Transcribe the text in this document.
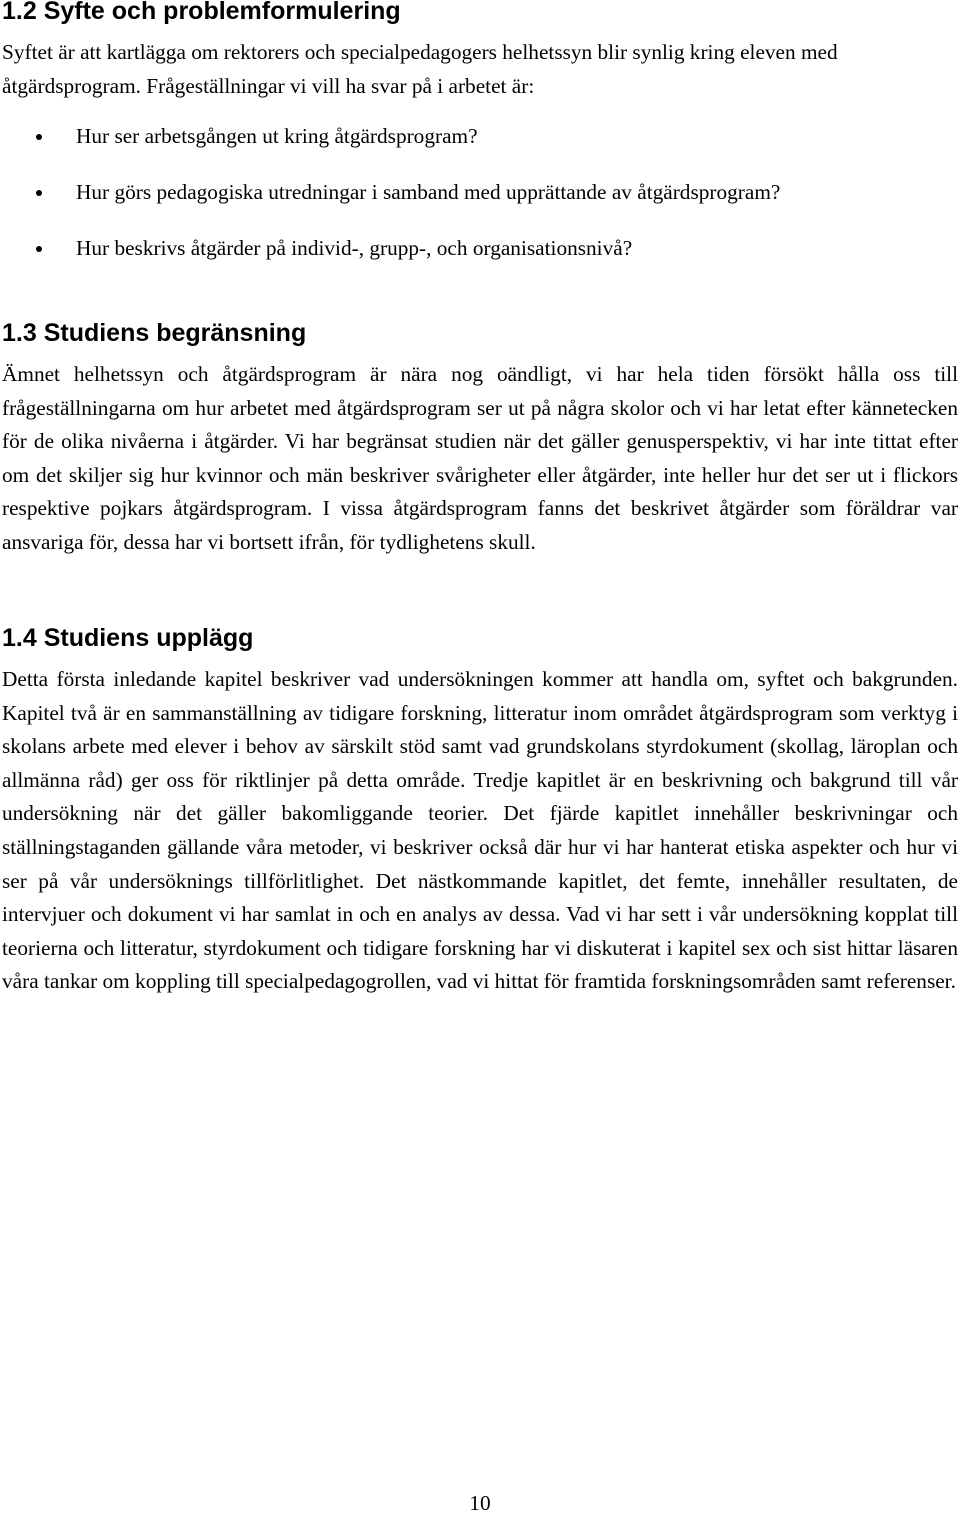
1.2 Syfte och problemformulering

Syftet är att kartlägga om rektorers och specialpedagogers helhetssyn blir synlig kring eleven med åtgärdsprogram. Frågeställningar vi vill ha svar på i arbetet är:

Hur ser arbetsgången ut kring åtgärdsprogram?
Hur görs pedagogiska utredningar i samband med upprättande av åtgärdsprogram?
Hur beskrivs åtgärder på individ-, grupp-, och organisationsnivå?
1.3 Studiens begränsning

Ämnet helhetssyn och åtgärdsprogram är nära nog oändligt, vi har hela tiden försökt hålla oss till frågeställningarna om hur arbetet med åtgärdsprogram ser ut på några skolor och vi har letat efter kännetecken för de olika nivåerna i åtgärder. Vi har begränsat studien när det gäller genusperspektiv, vi har inte tittat efter om det skiljer sig hur kvinnor och män beskriver svårigheter eller åtgärder, inte heller hur det ser ut i flickors respektive pojkars åtgärdsprogram. I vissa åtgärdsprogram fanns det beskrivet åtgärder som föräldrar var ansvariga för, dessa har vi bortsett ifrån, för tydlighetens skull.

1.4 Studiens upplägg

Detta första inledande kapitel beskriver vad undersökningen kommer att handla om, syftet och bakgrunden. Kapitel två är en sammanställning av tidigare forskning, litteratur inom området åtgärdsprogram som verktyg i skolans arbete med elever i behov av särskilt stöd samt vad grundskolans styrdokument (skollag, läroplan och allmänna råd) ger oss för riktlinjer på detta område. Tredje kapitlet är en beskrivning och bakgrund till vår undersökning när det gäller bakomliggande teorier. Det fjärde kapitlet innehåller beskrivningar och ställningstaganden gällande våra metoder, vi beskriver också där hur vi har hanterat etiska aspekter och hur vi ser på vår undersöknings tillförlitlighet. Det nästkommande kapitlet, det femte, innehåller resultaten, de intervjuer och dokument vi har samlat in och en analys av dessa. Vad vi har sett i vår undersökning kopplat till teorierna och litteratur, styrdokument och tidigare forskning har vi diskuterat i kapitel sex och sist hittar läsaren våra tankar om koppling till specialpedagogrollen, vad vi hittat för framtida forskningsområden samt referenser.

10
